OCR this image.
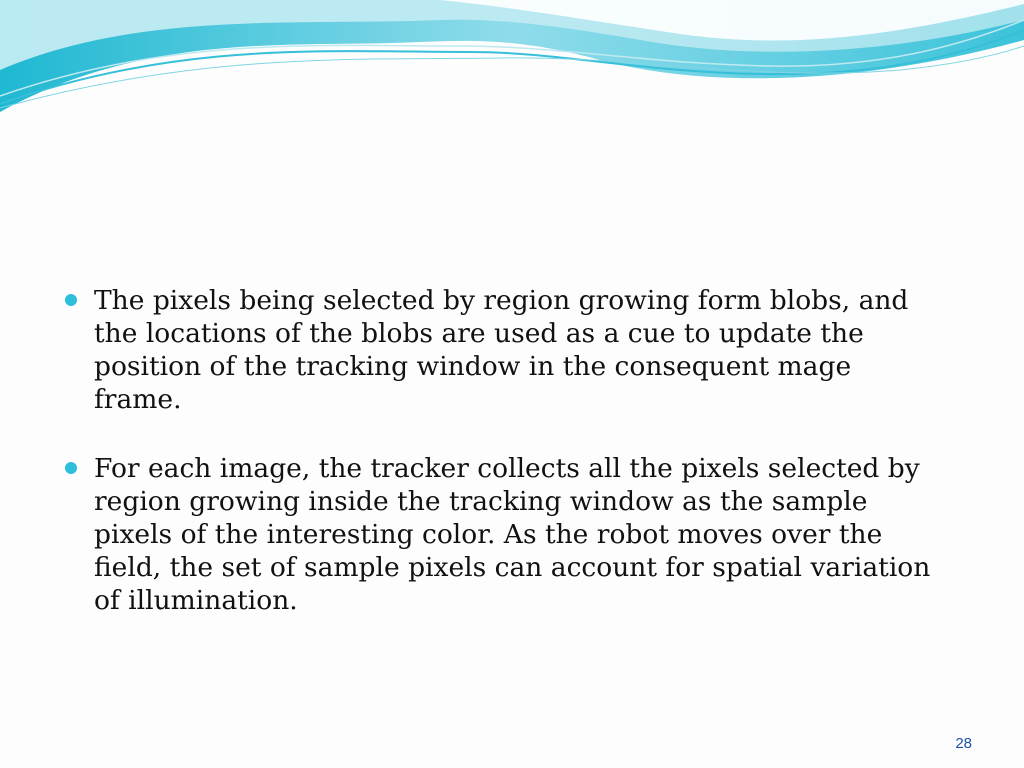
The pixels being selected by region growing form blobs, and the locations of the blobs are used as a cue to update the position of the tracking window in the consequent mage frame.
For each image, the tracker collects all the pixels selected by region growing inside the tracking window as the sample pixels of the interesting color. As the robot moves over the field, the set of sample pixels can account for spatial variation of illumination.
28
